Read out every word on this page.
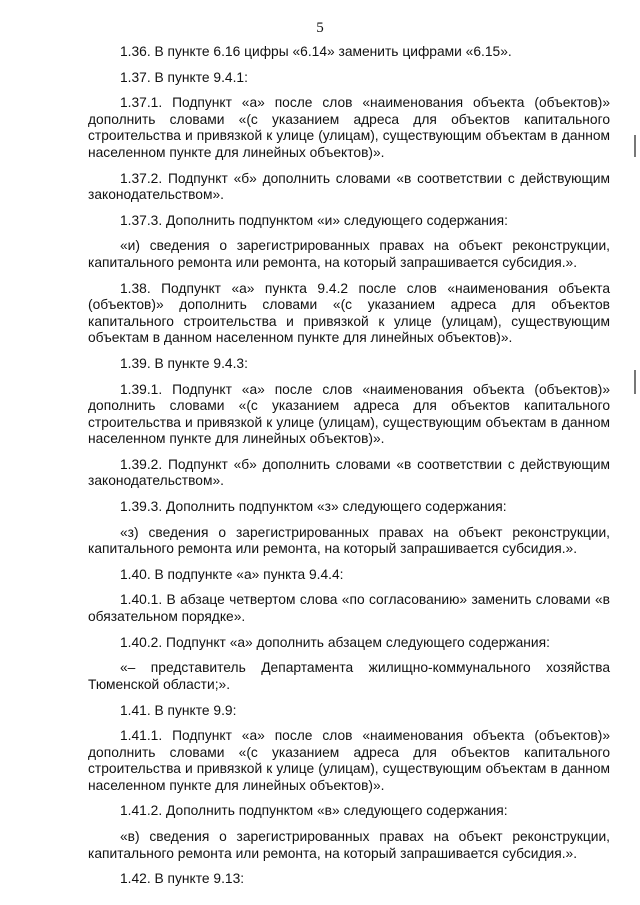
5

1.36. В пункте 6.16 цифры «6.14» заменить цифрами «6.15».

1.37. В пункте 9.4.1:

1.37.1. Подпункт «а» после слов «наименования объекта (объектов)» дополнить словами «(с указанием адреса для объектов капитального строительства и привязкой к улице (улицам), существующим объектам в данном населенном пункте для линейных объектов)».

1.37.2. Подпункт «б» дополнить словами «в соответствии с действующим законодательством».

1.37.3. Дополнить подпунктом «и» следующего содержания:

«и) сведения о зарегистрированных правах на объект реконструкции, капитального ремонта или ремонта, на который запрашивается субсидия.».

1.38. Подпункт «а» пункта 9.4.2 после слов «наименования объекта (объектов)» дополнить словами «(с указанием адреса для объектов капитального строительства и привязкой к улице (улицам), существующим объектам в данном населенном пункте для линейных объектов)».

1.39. В пункте 9.4.3:

1.39.1. Подпункт «а» после слов «наименования объекта (объектов)» дополнить словами «(с указанием адреса для объектов капитального строительства и привязкой к улице (улицам), существующим объектам в данном населенном пункте для линейных объектов)».

1.39.2. Подпункт «б» дополнить словами «в соответствии с действующим законодательством».

1.39.3. Дополнить подпунктом «з» следующего содержания:

«з) сведения о зарегистрированных правах на объект реконструкции, капитального ремонта или ремонта, на который запрашивается субсидия.».

1.40. В подпункте «а» пункта 9.4.4:

1.40.1. В абзаце четвертом слова «по согласованию» заменить словами «в обязательном порядке».

1.40.2. Подпункт «а» дополнить абзацем следующего содержания:

«– представитель Департамента жилищно-коммунального хозяйства Тюменской области;».

1.41. В пункте 9.9:

1.41.1. Подпункт «а» после слов «наименования объекта (объектов)» дополнить словами «(с указанием адреса для объектов капитального строительства и привязкой к улице (улицам), существующим объектам в данном населенном пункте для линейных объектов)».

1.41.2. Дополнить подпунктом «в» следующего содержания:

«в) сведения о зарегистрированных правах на объект реконструкции, капитального ремонта или ремонта, на который запрашивается субсидия.».

1.42. В пункте 9.13:
